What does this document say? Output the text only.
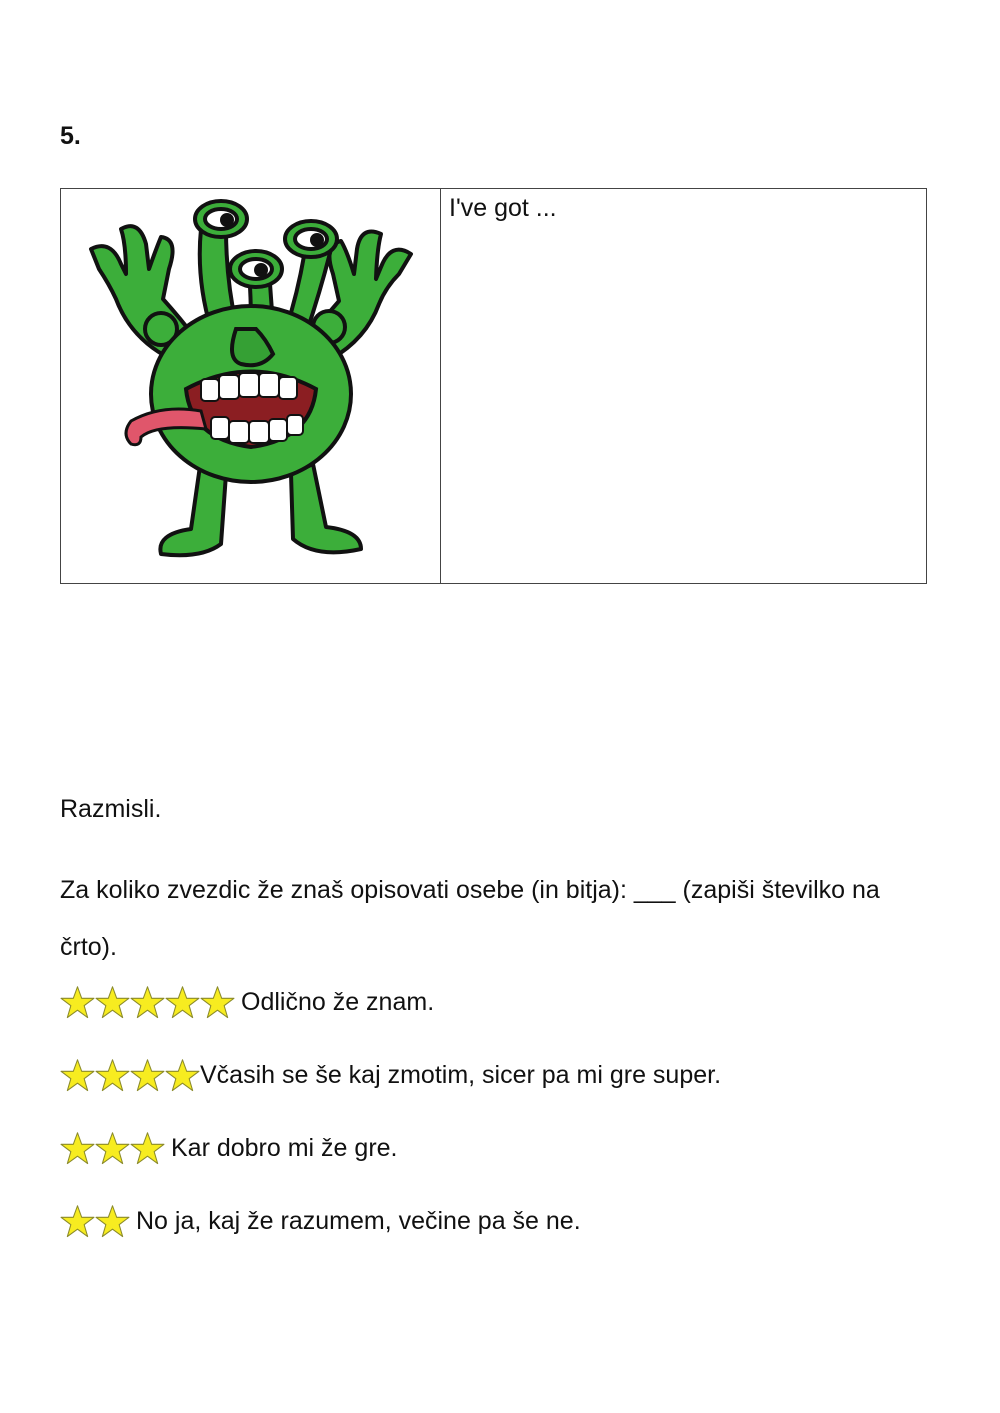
5.
I've got ...
Razmisli.
Za koliko zvezdic že znaš opisovati osebe (in bitja): ___ (zapiši številko na črto).
Odlično že znam.
Včasih se še kaj zmotim, sicer pa mi gre super.
Kar dobro mi že gre.
No ja, kaj že razumem, večine pa še ne.
